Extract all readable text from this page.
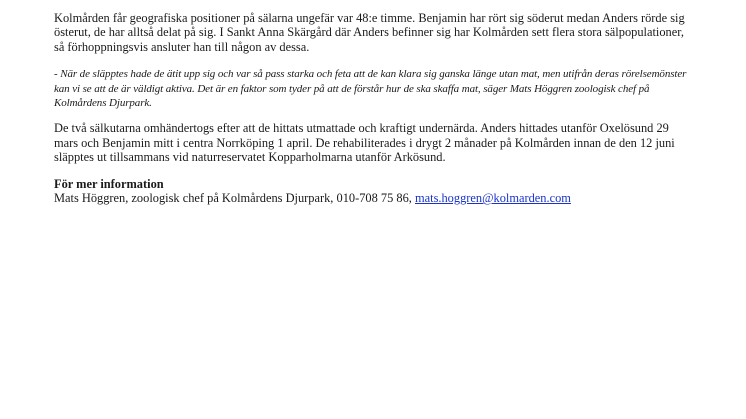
Kolmården får geografiska positioner på sälarna ungefär var 48:e timme. Benjamin har rört sig söderut medan Anders rörde sig österut, de har alltså delat på sig. I Sankt Anna Skärgård där Anders befinner sig har Kolmården sett flera stora sälpopulationer, så förhoppningsvis ansluter han till någon av dessa.

- När de släpptes hade de ätit upp sig och var så pass starka och feta att de kan klara sig ganska länge utan mat, men utifrån deras rörelsemönster kan vi se att de är väldigt aktiva. Det är en faktor som tyder på att de förstår hur de ska skaffa mat, säger Mats Höggren zoologisk chef på Kolmårdens Djurpark.

De två sälkutarna omhändertogs efter att de hittats utmattade och kraftigt undernärda. Anders hittades utanför Oxelösund 29 mars och Benjamin mitt i centra Norrköping 1 april. De rehabiliterades i drygt 2 månader på Kolmården innan de den 12 juni släpptes ut tillsammans vid naturreservatet Kopparholmarna utanför Arkösund.

För mer information

Mats Höggren, zoologisk chef på Kolmårdens Djurpark, 010-708 75 86, mats.hoggren@kolmarden.com
